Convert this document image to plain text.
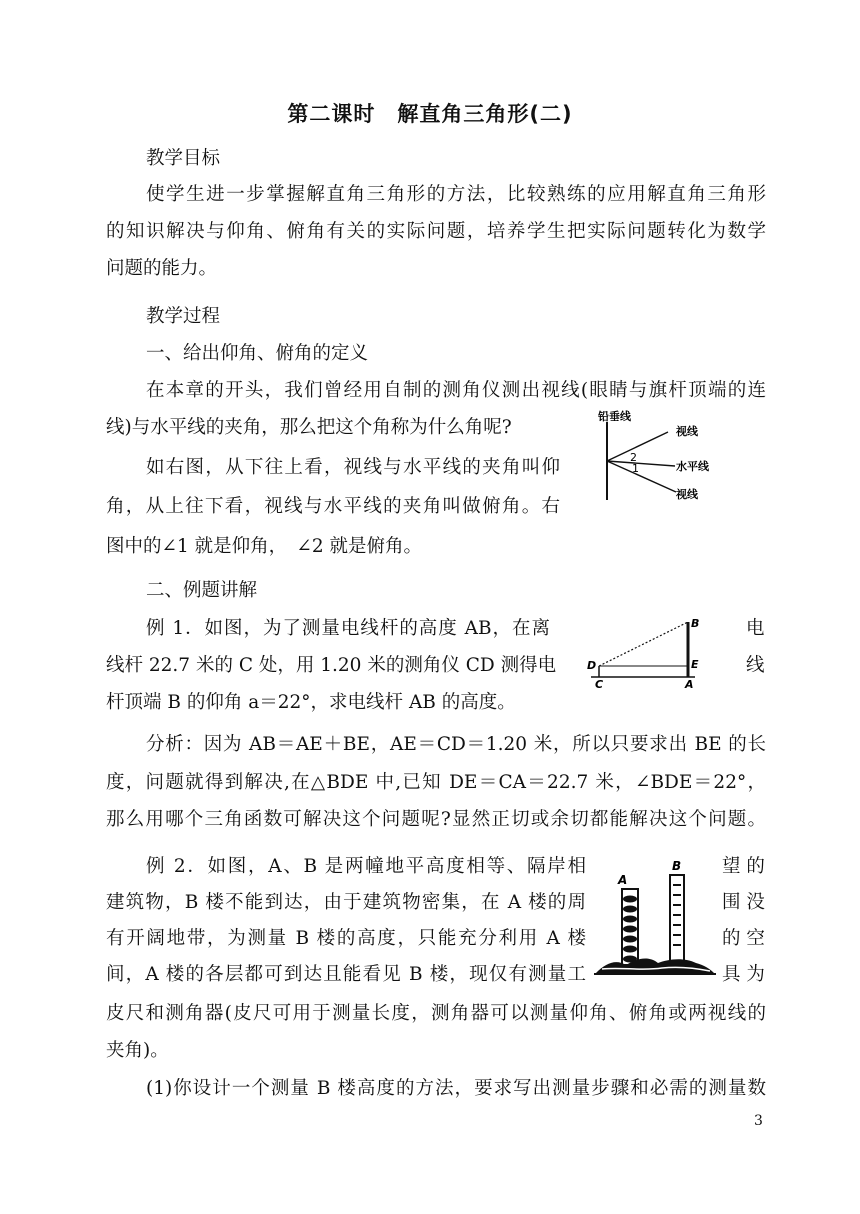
第二课时　解直角三角形(二)
教学目标
使学生进一步掌握解直角三角形的方法，比较熟练的应用解直角三角形
的知识解决与仰角、俯角有关的实际问题，培养学生把实际问题转化为数学
问题的能力。
教学过程
一、给出仰角、俯角的定义
在本章的开头，我们曾经用自制的测角仪测出视线(眼睛与旗杆顶端的连
线)与水平线的夹角，那么把这个角称为什么角呢?
如右图，从下往上看，视线与水平线的夹角叫仰
角，从上往下看，视线与水平线的夹角叫做俯角。右
图中的∠1 就是仰角，　∠2 就是俯角。
铅垂线
视线
水平线
视线
2
1
二、例题讲解
例 1．如图，为了测量电线杆的高度 AB，在离	电
线杆 22.7 米的 C 处，用 1.20 米的测角仪 CD 测得电	线
杆顶端 B 的仰角 a＝22°，求电线杆 AB 的高度。
B
D	E
C	A
分析：因为 AB＝AE＋BE，AE＝CD＝1.20 米，所以只要求出 BE 的长
度，问题就得到解决,在△BDE 中,已知 DE＝CA＝22.7 米，∠BDE＝22°，
那么用哪个三角函数可解决这个问题呢?显然正切或余切都能解决这个问题。
例 2．如图，A、B 是两幢地平高度相等、隔岸相	望 的
建筑物，B 楼不能到达，由于建筑物密集，在 A 楼的周	围 没
有开阔地带，为测量 B 楼的高度，只能充分利用 A 楼	的 空
间，A 楼的各层都可到达且能看见 B 楼，现仅有测量工	具 为
皮尺和测角器(皮尺可用于测量长度，测角器可以测量仰角、俯角或两视线的
夹角)。
B
A
(1)你设计一个测量 B 楼高度的方法，要求写出测量步骤和必需的测量数
3
